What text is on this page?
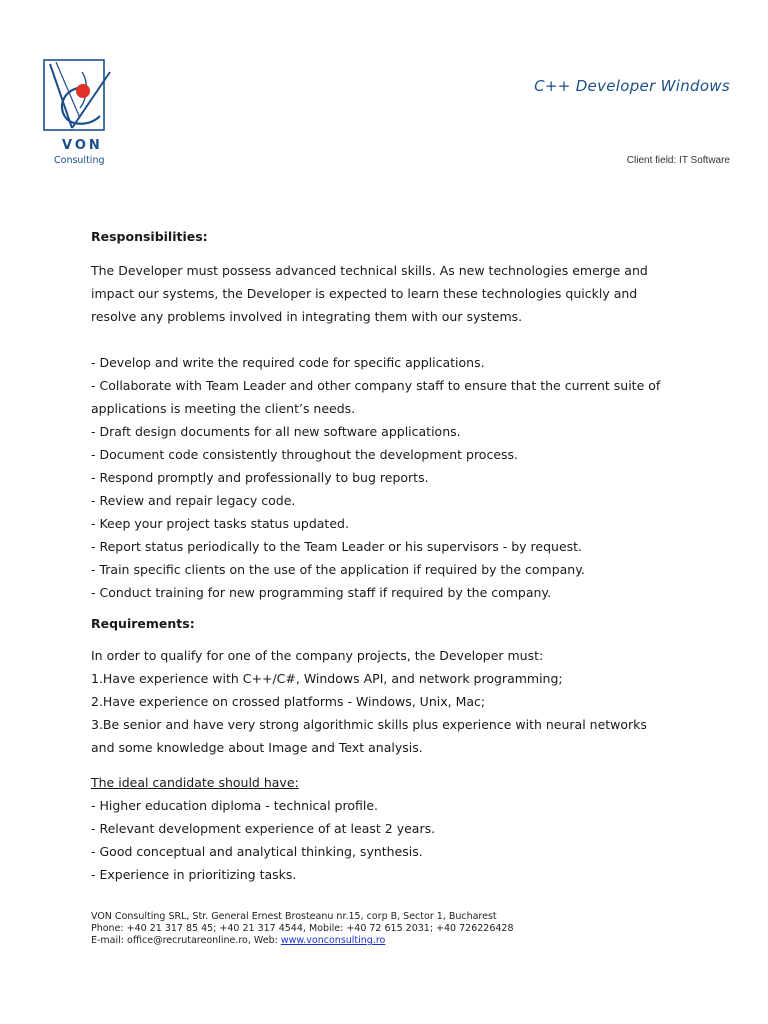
VON
Consulting
C++ Developer Windows
Client field: IT Software

Responsibilities:

The Developer must possess advanced technical skills. As new technologies emerge and

impact our systems, the Developer is expected to learn these technologies quickly and

resolve any problems involved in integrating them with our systems.

- Develop and write the required code for specific applications.

- Collaborate with Team Leader and other company staff to ensure that the current suite of

applications is meeting the client’s needs.

- Draft design documents for all new software applications.

- Document code consistently throughout the development process.

- Respond promptly and professionally to bug reports.

- Review and repair legacy code.

- Keep your project tasks status updated.

- Report status periodically to the Team Leader or his supervisors - by request.

- Train specific clients on the use of the application if required by the company.

- Conduct training for new programming staff if required by the company.

Requirements:

In order to qualify for one of the company projects, the Developer must:

1.Have experience with C++/C#, Windows API, and network programming;

2.Have experience on crossed platforms - Windows, Unix, Mac;

3.Be senior and have very strong algorithmic skills plus experience with neural networks

and some knowledge about Image and Text analysis.

The ideal candidate should have:

- Higher education diploma - technical profile.

- Relevant development experience of at least 2 years.

- Good conceptual and analytical thinking, synthesis.

- Experience in prioritizing tasks.

VON Consulting SRL, Str. General Ernest Brosteanu nr.15, corp B, Sector 1, Bucharest
Phone: +40 21 317 85 45; +40 21 317 4544, Mobile: +40 72 615 2031; +40 726226428
E-mail: office@recrutareonline.ro, Web: www.vonconsulting.ro
